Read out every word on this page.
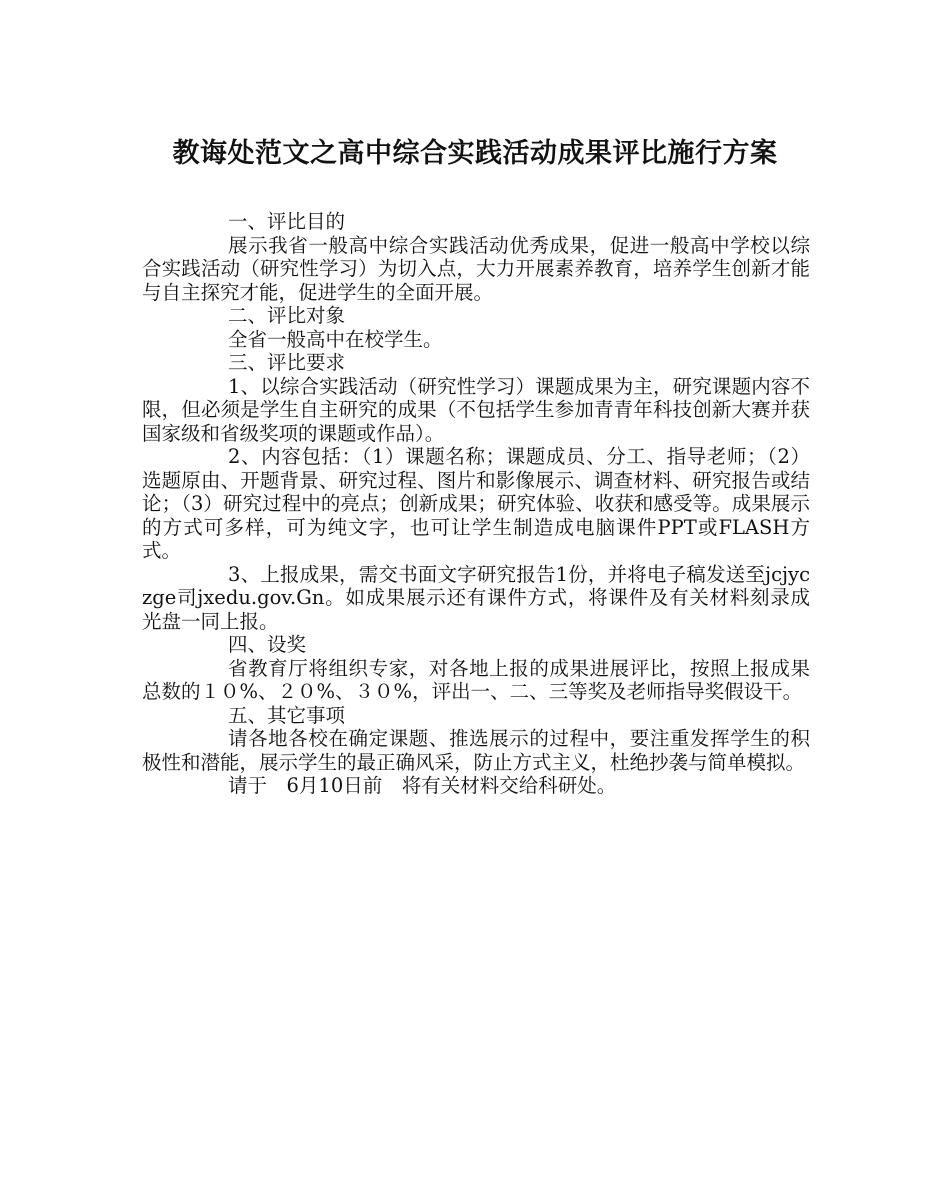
教诲处范文之高中综合实践活动成果评比施行方案

一、评比目的

展示我省一般高中综合实践活动优秀成果，促进一般高中学校以综合实践活动（研究性学习）为切入点，大力开展素养教育，培养学生创新才能与自主探究才能，促进学生的全面开展。

二、评比对象

全省一般高中在校学生。

三、评比要求

1、以综合实践活动（研究性学习）课题成果为主，研究课题内容不限，但必须是学生自主研究的成果（不包括学生参加青青年科技创新大赛并获国家级和省级奖项的课题或作品）。

2、内容包括：（1）课题名称；课题成员、分工、指导老师；（2）选题原由、开题背景、研究过程、图片和影像展示、调查材料、研究报告或结论；（3）研究过程中的亮点；创新成果；研究体验、收获和感受等。成果展示的方式可多样，可为纯文字，也可让学生制造成电脑课件PPT或FLASH方式。

3、上报成果，需交书面文字研究报告1份，并将电子稿发送至jcjyczge司jxedu.gov.Gn。如成果展示还有课件方式，将课件及有关材料刻录成光盘一同上报。

四、设奖

省教育厅将组织专家，对各地上报的成果进展评比，按照上报成果总数的１０%、２０%、３０%，评出一、二、三等奖及老师指导奖假设干。

五、其它事项

请各地各校在确定课题、推选展示的过程中，要注重发挥学生的积极性和潜能，展示学生的最正确风采，防止方式主义，杜绝抄袭与简单模拟。

请于　6月10日前　将有关材料交给科研处。
